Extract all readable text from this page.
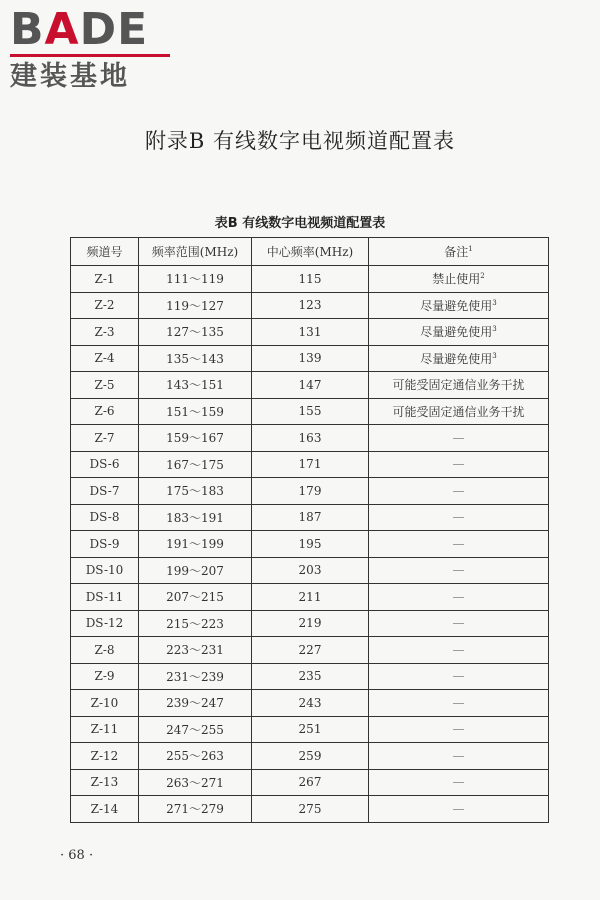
BADE
建装基地
附录B 有线数字电视频道配置表
表B 有线数字电视频道配置表
频道号	频率范围(MHz)	中心频率(MHz)	备注$^1$
Z-1	111～119	115	禁止使用$^2$
Z-2	119～127	123	尽量避免使用$^3$
Z-3	127～135	131	尽量避免使用$^3$
Z-4	135～143	139	尽量避免使用$^3$
Z-5	143～151	147	可能受固定通信业务干扰
Z-6	151～159	155	可能受固定通信业务干扰
Z-7	159～167	163	—
DS-6	167～175	171	—
DS-7	175～183	179	—
DS-8	183～191	187	—
DS-9	191～199	195	—
DS-10	199～207	203	—
DS-11	207～215	211	—
DS-12	215～223	219	—
Z-8	223～231	227	—
Z-9	231～239	235	—
Z-10	239～247	243	—
Z-11	247～255	251	—
Z-12	255～263	259	—
Z-13	263～271	267	—
Z-14	271～279	275	—
· 68 ·
